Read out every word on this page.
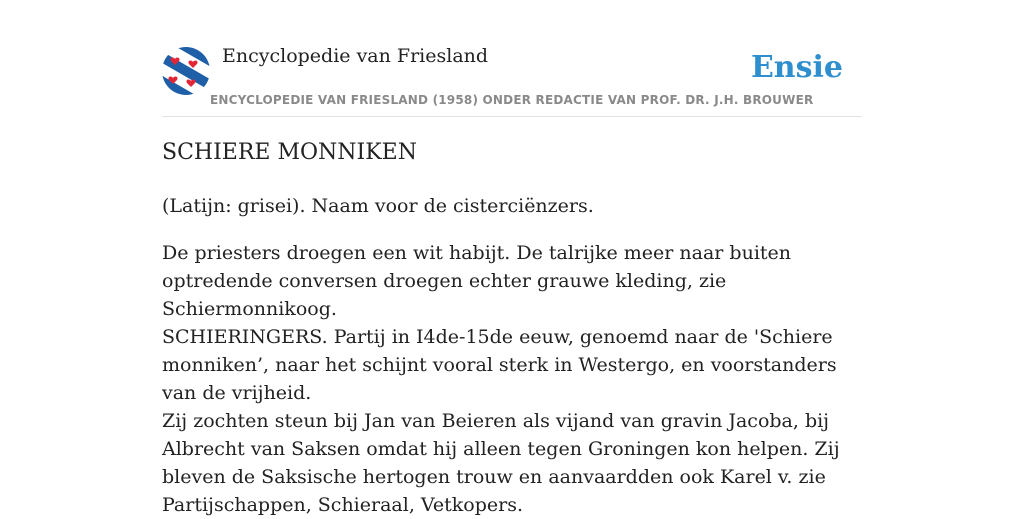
Encyclopedie van Friesland
ENCYCLOPEDIE VAN FRIESLAND (1958) ONDER REDACTIE VAN PROF. DR. J.H. BROUWER
Ensie
SCHIERE MONNIKEN

(Latijn: grisei). Naam voor de cisterciënzers.

De priesters droegen een wit habijt. De talrijke meer naar buiten optredende conversen droegen echter grauwe kleding, zie Schiermonnikoog.

SCHIERINGERS. Partij in I4de-15de eeuw, genoemd naar de 'Schiere monniken’, naar het schijnt vooral sterk in Westergo, en voorstanders van de vrijheid.

Zij zochten steun bij Jan van Beieren als vijand van gravin Jacoba, bij Albrecht van Saksen omdat hij alleen tegen Groningen kon helpen. Zij bleven de Saksische hertogen trouw en aanvaardden ook Karel v. zie Partijschappen, Schieraal, Vetkopers.
